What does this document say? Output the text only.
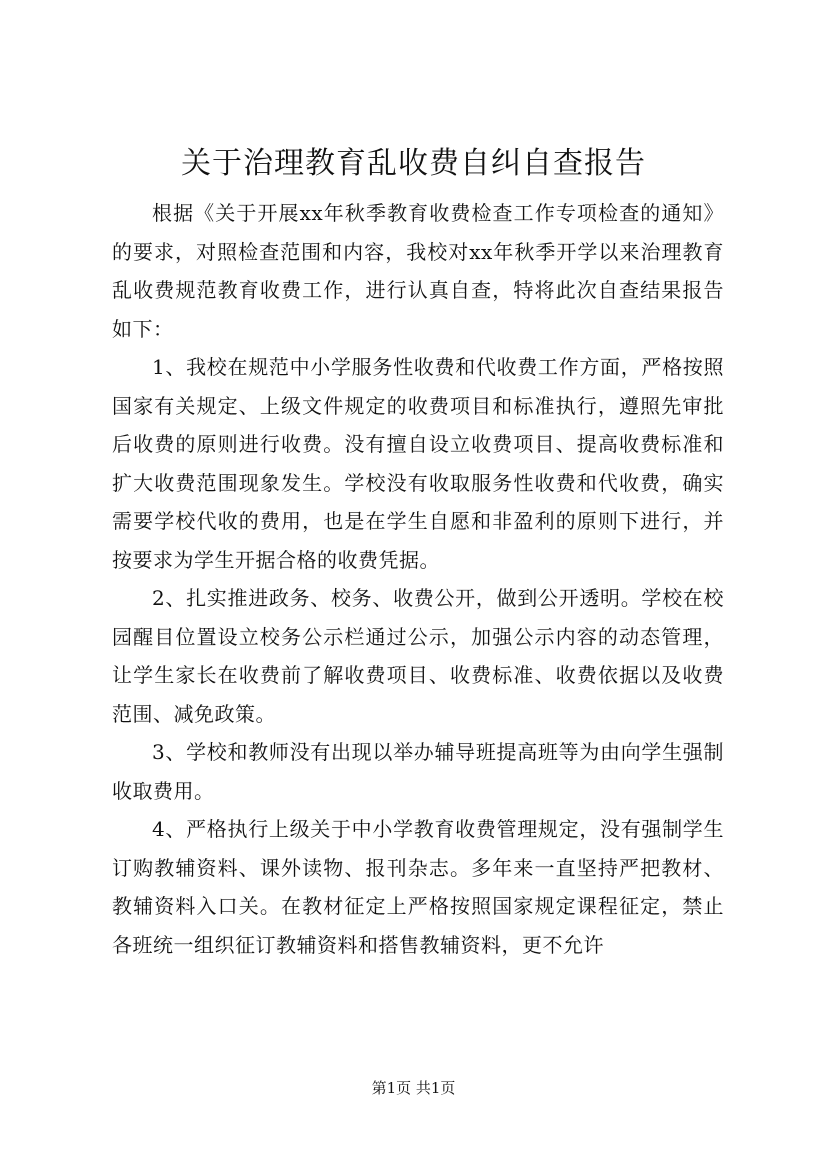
关于治理教育乱收费自纠自查报告

根据《关于开展xx年秋季教育收费检查工作专项检查的通知》的要求，对照检查范围和内容，我校对xx年秋季开学以来治理教育乱收费规范教育收费工作，进行认真自查，特将此次自查结果报告如下：

1、我校在规范中小学服务性收费和代收费工作方面，严格按照国家有关规定、上级文件规定的收费项目和标准执行，遵照先审批后收费的原则进行收费。没有擅自设立收费项目、提高收费标准和扩大收费范围现象发生。学校没有收取服务性收费和代收费，确实需要学校代收的费用，也是在学生自愿和非盈利的原则下进行，并按要求为学生开据合格的收费凭据。

2、扎实推进政务、校务、收费公开，做到公开透明。学校在校园醒目位置设立校务公示栏通过公示，加强公示内容的动态管理，让学生家长在收费前了解收费项目、收费标准、收费依据以及收费范围、减免政策。

3、学校和教师没有出现以举办辅导班提高班等为由向学生强制收取费用。

4、严格执行上级关于中小学教育收费管理规定，没有强制学生订购教辅资料、课外读物、报刊杂志。多年来一直坚持严把教材、教辅资料入口关。在教材征定上严格按照国家规定课程征定，禁止各班统一组织征订教辅资料和搭售教辅资料，更不允许

第1页 共1页
